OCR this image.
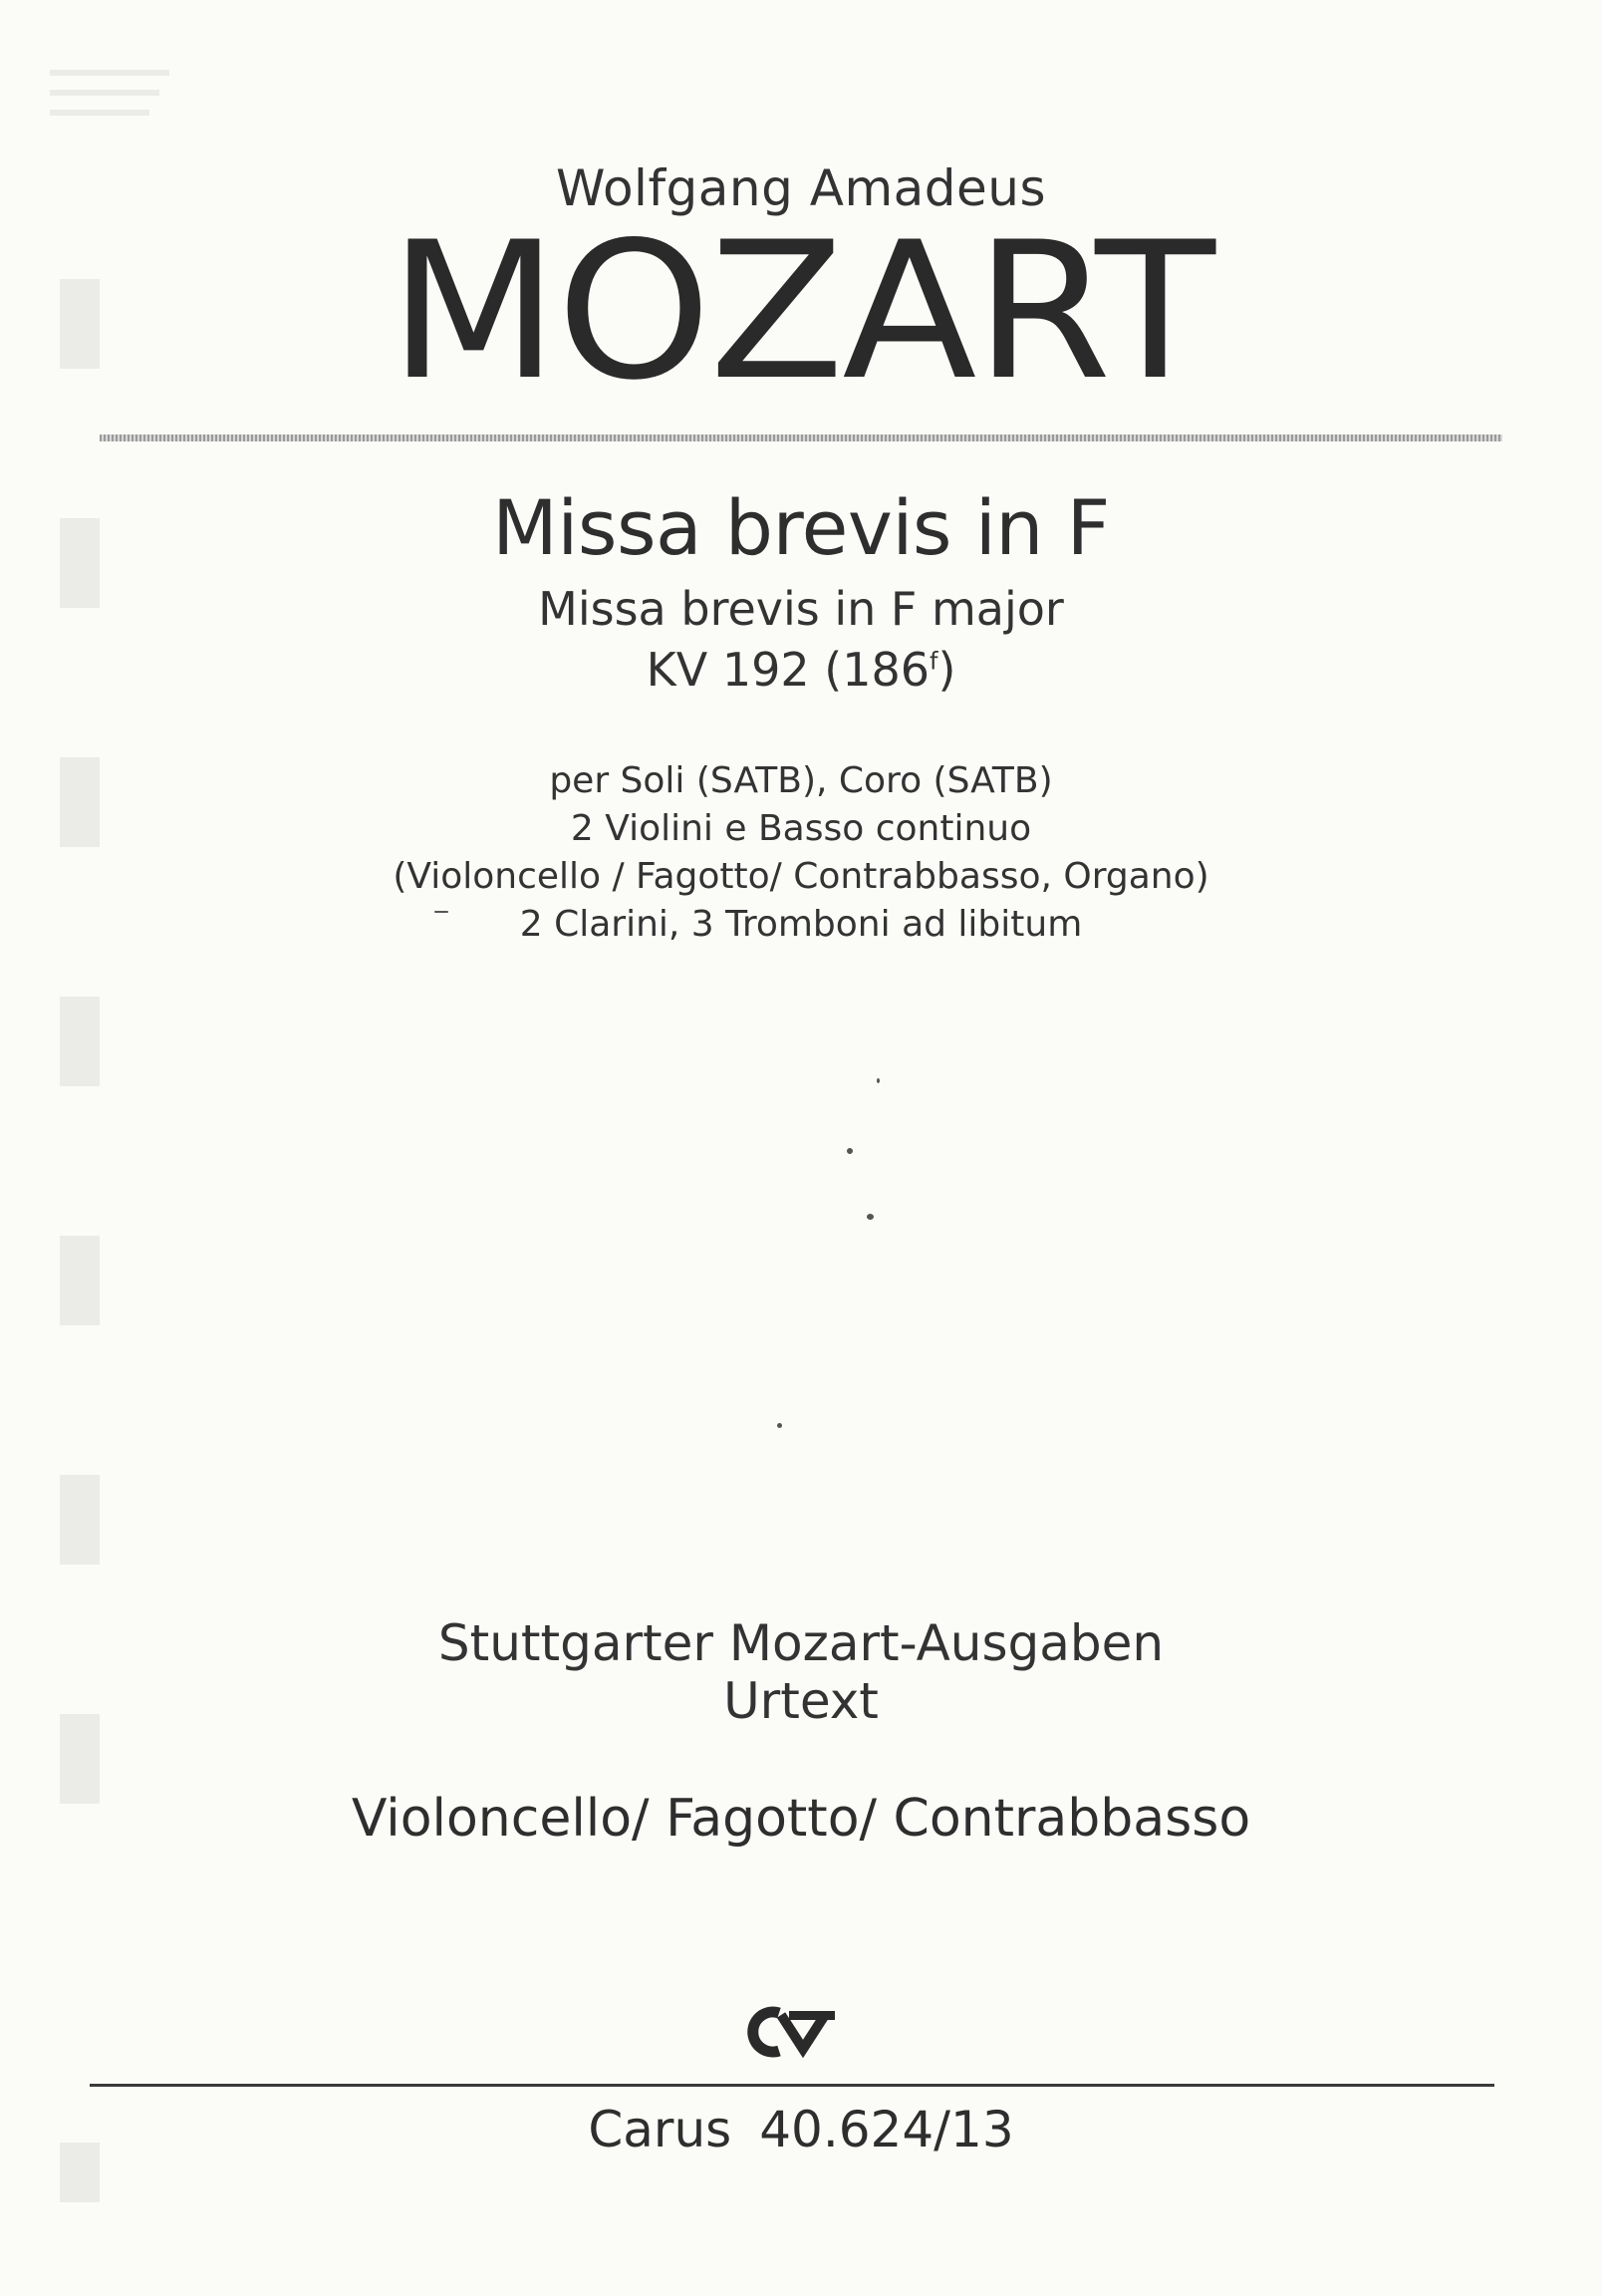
Wolfgang Amadeus
MOZART
Missa brevis in F
Missa brevis in F major
KV 192 (186$^f$)
per Soli (SATB), Coro (SATB)
2 Violini e Basso continuo
(Violoncello / Fagotto/ Contrabbasso, Organo)
2 Clarini, 3 Tromboni ad libitum
Stuttgarter Mozart-Ausgaben
Urtext
Violoncello/ Fagotto/ Contrabbasso
Carus 40.624/13
